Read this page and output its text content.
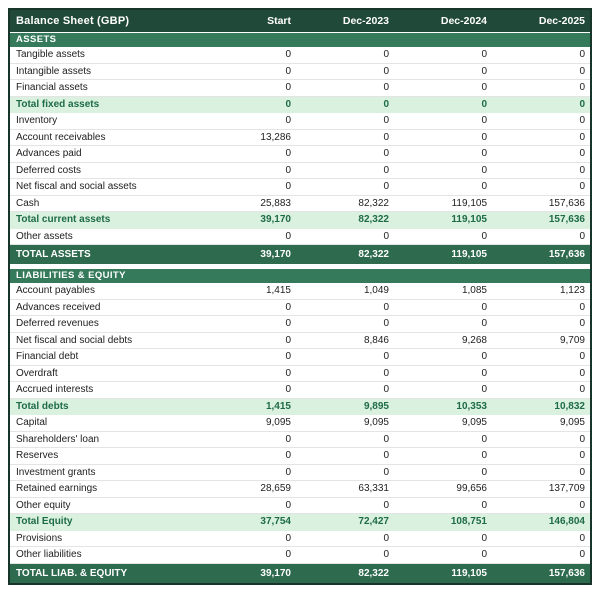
Balance Sheet (GBP)	Start	Dec-2023	Dec-2024	Dec-2025
ASSETS
Tangible assets	0	0	0	0
Intangible assets	0	0	0	0
Financial assets	0	0	0	0
Total fixed assets	0	0	0	0
Inventory	0	0	0	0
Account receivables	13,286	0	0	0
Advances paid	0	0	0	0
Deferred costs	0	0	0	0
Net fiscal and social assets	0	0	0	0
Cash	25,883	82,322	119,105	157,636
Total current assets	39,170	82,322	119,105	157,636
Other assets	0	0	0	0
TOTAL ASSETS	39,170	82,322	119,105	157,636
LIABILITIES & EQUITY
Account payables	1,415	1,049	1,085	1,123
Advances received	0	0	0	0
Deferred revenues	0	0	0	0
Net fiscal and social debts	0	8,846	9,268	9,709
Financial debt	0	0	0	0
Overdraft	0	0	0	0
Accrued interests	0	0	0	0
Total debts	1,415	9,895	10,353	10,832
Capital	9,095	9,095	9,095	9,095
Shareholders' loan	0	0	0	0
Reserves	0	0	0	0
Investment grants	0	0	0	0
Retained earnings	28,659	63,331	99,656	137,709
Other equity	0	0	0	0
Total Equity	37,754	72,427	108,751	146,804
Provisions	0	0	0	0
Other liabilities	0	0	0	0
TOTAL LIAB. & EQUITY	39,170	82,322	119,105	157,636
